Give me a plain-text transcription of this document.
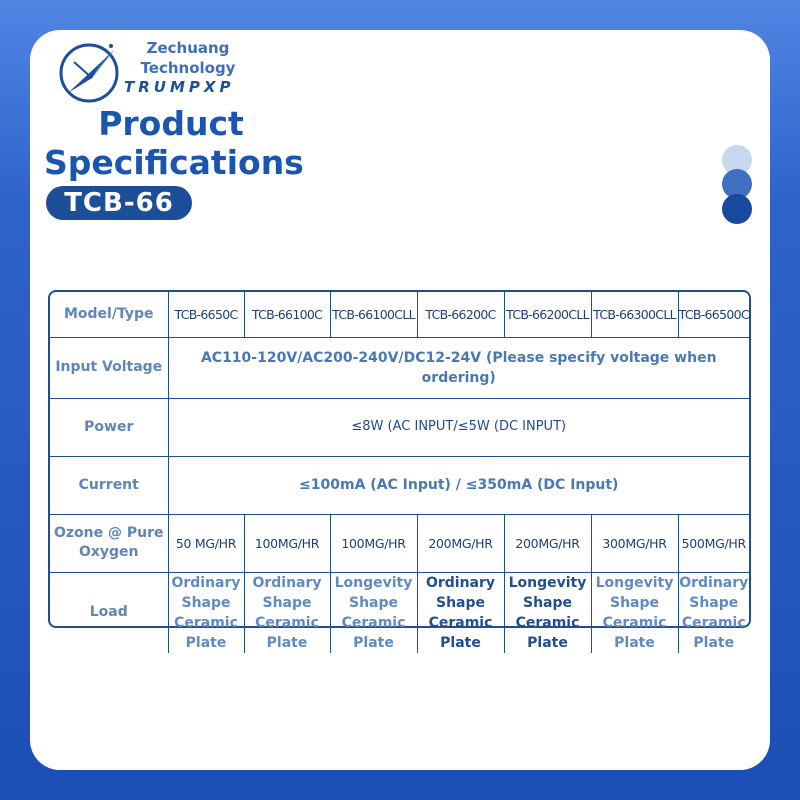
Zechuang
Technology
TRUMPXP
Product
Specifications
TCB-66
Model/Type	TCB-6650C	TCB-66100C	TCB-66100CLL	TCB-66200C	TCB-66200CLL	TCB-66300CLL	TCB-66500C
Input Voltage	AC110-120V/AC200-240V/DC12-24V (Please specify voltage when ordering)						
Power	≤8W (AC INPUT/≤5W (DC INPUT)						
Current	≤100mA (AC Input) / ≤350mA (DC Input)						
Ozone @ Pure Oxygen	50 MG/HR	100MG/HR	100MG/HR	200MG/HR	200MG/HR	300MG/HR	500MG/HR
Load	Ordinary Shape Ceramic Plate	Ordinary Shape Ceramic Plate	Longevity Shape Ceramic Plate	Ordinary Shape Ceramic Plate	Longevity Shape Ceramic Plate	Longevity Shape Ceramic Plate	Ordinary Shape Ceramic Plate
